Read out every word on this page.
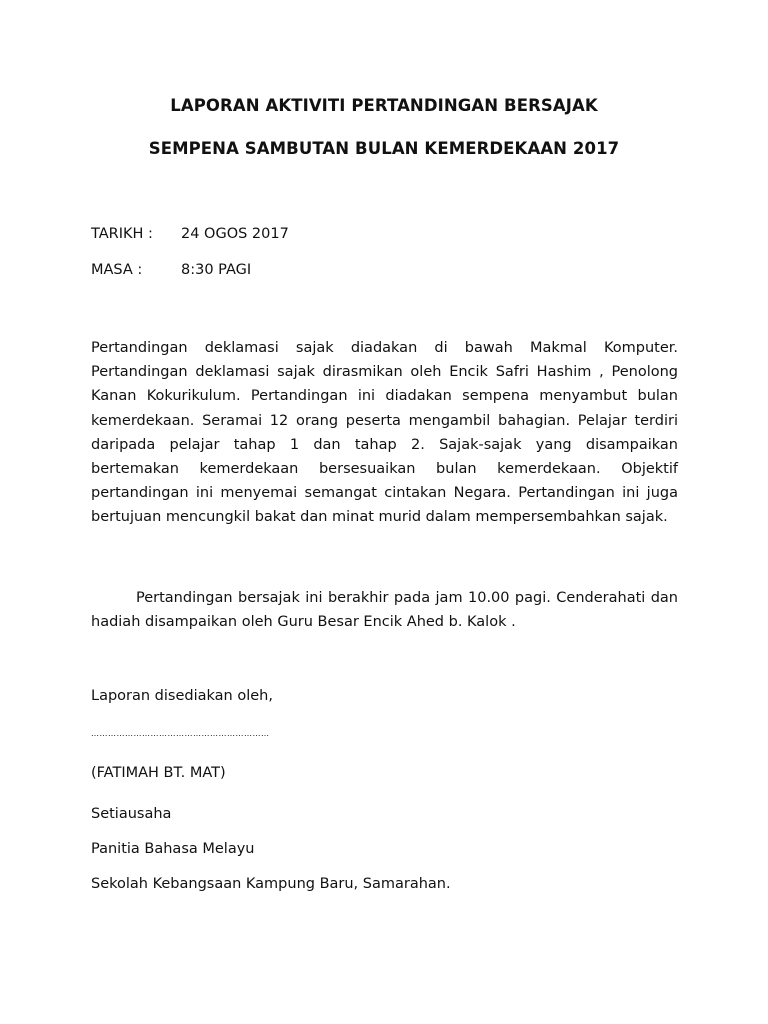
LAPORAN AKTIVITI PERTANDINGAN BERSAJAK
SEMPENA SAMBUTAN BULAN KEMERDEKAAN 2017
TARIKH : 24 OGOS 2017
MASA :	8:30 PAGI

Pertandingan deklamasi sajak diadakan di bawah Makmal Komputer. Pertandingan deklamasi sajak dirasmikan oleh Encik Safri Hashim , Penolong Kanan Kokurikulum. Pertandingan ini diadakan sempena menyambut bulan kemerdekaan. Seramai 12 orang peserta mengambil bahagian. Pelajar terdiri daripada pelajar tahap 1 dan tahap 2. Sajak-sajak yang disampaikan bertemakan kemerdekaan bersesuaikan bulan kemerdekaan. Objektif pertandingan ini menyemai semangat cintakan Negara. Pertandingan ini juga bertujuan mencungkil bakat dan minat murid dalam mempersembahkan sajak.

Pertandingan bersajak ini berakhir pada jam 10.00 pagi. Cenderahati dan hadiah disampaikan oleh Guru Besar Encik Ahed b. Kalok .

Laporan disediakan oleh,
………………………………………………………
(FATIMAH BT. MAT)
Setiausaha
Panitia Bahasa Melayu
Sekolah Kebangsaan Kampung Baru, Samarahan.
